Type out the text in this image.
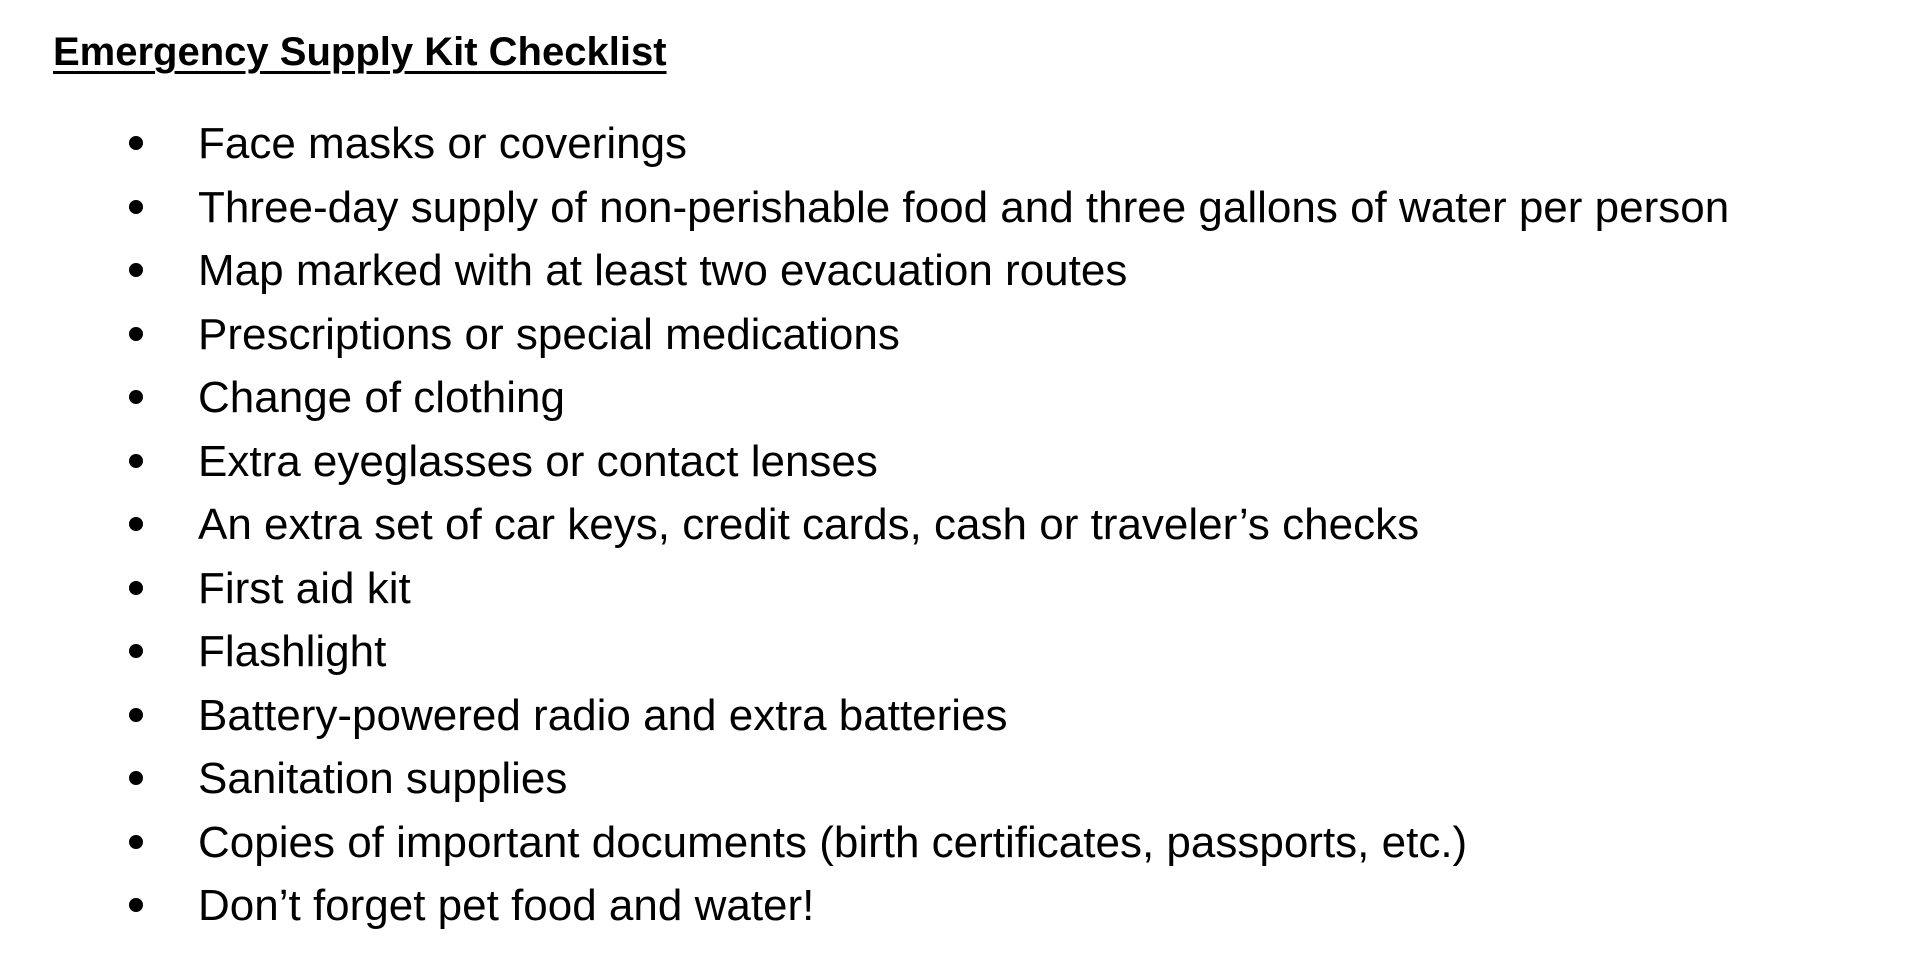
Emergency Supply Kit Checklist
Face masks or coverings
Three-day supply of non-perishable food and three gallons of water per person
Map marked with at least two evacuation routes
Prescriptions or special medications
Change of clothing
Extra eyeglasses or contact lenses
An extra set of car keys, credit cards, cash or traveler’s checks
First aid kit
Flashlight
Battery-powered radio and extra batteries
Sanitation supplies
Copies of important documents (birth certificates, passports, etc.)
Don’t forget pet food and water!
